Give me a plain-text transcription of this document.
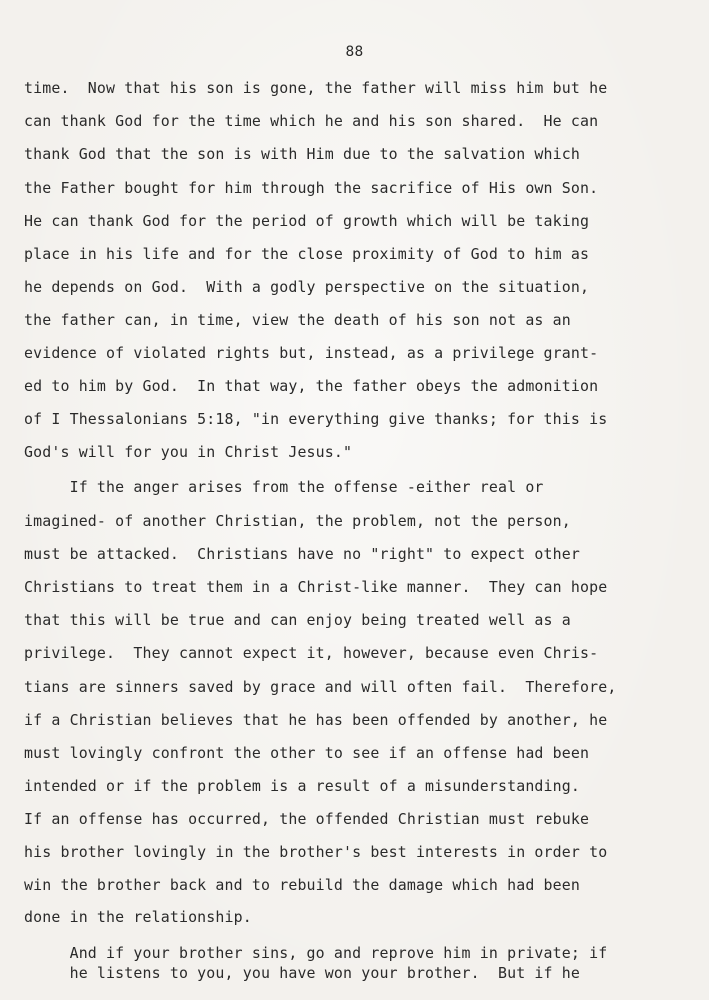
88
time.  Now that his son is gone, the father will miss him but he
can thank God for the time which he and his son shared.  He can
thank God that the son is with Him due to the salvation which
the Father bought for him through the sacrifice of His own Son.
He can thank God for the period of growth which will be taking
place in his life and for the close proximity of God to him as
he depends on God.  With a godly perspective on the situation,
the father can, in time, view the death of his son not as an
evidence of violated rights but, instead, as a privilege grant-
ed to him by God.  In that way, the father obeys the admonition
of I Thessalonians 5:18, "in everything give thanks; for this is
God's will for you in Christ Jesus."
If the anger arises from the offense -either real or
imagined- of another Christian, the problem, not the person,
must be attacked.  Christians have no "right" to expect other
Christians to treat them in a Christ-like manner.  They can hope
that this will be true and can enjoy being treated well as a
privilege.  They cannot expect it, however, because even Chris-
tians are sinners saved by grace and will often fail.  Therefore,
if a Christian believes that he has been offended by another, he
must lovingly confront the other to see if an offense had been
intended or if the problem is a result of a misunderstanding.
If an offense has occurred, the offended Christian must rebuke
his brother lovingly in the brother's best interests in order to
win the brother back and to rebuild the damage which had been
done in the relationship.
And if your brother sins, go and reprove him in private; if
he listens to you, you have won your brother.  But if he
